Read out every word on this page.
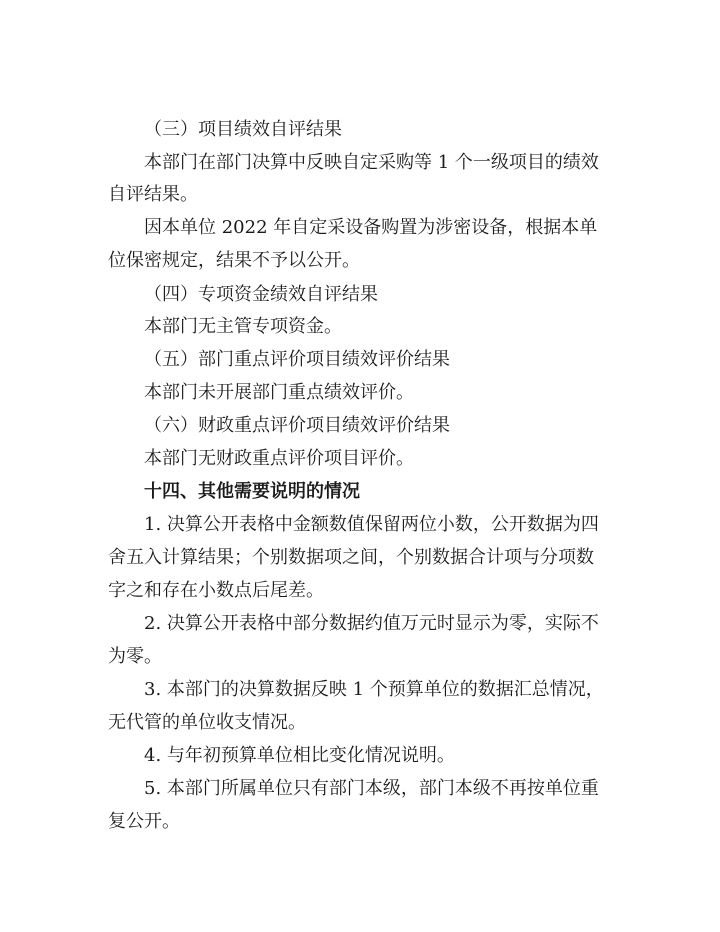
（三）项目绩效自评结果
本部门在部门决算中反映自定采购等 1 个一级项目的绩效
自评结果。
因本单位 2022 年自定采设备购置为涉密设备，根据本单
位保密规定，结果不予以公开。
（四）专项资金绩效自评结果
本部门无主管专项资金。
（五）部门重点评价项目绩效评价结果
本部门未开展部门重点绩效评价。
（六）财政重点评价项目绩效评价结果
本部门无财政重点评价项目评价。
十四、其他需要说明的情况
1. 决算公开表格中金额数值保留两位小数，公开数据为四
舍五入计算结果；个别数据项之间，个别数据合计项与分项数
字之和存在小数点后尾差。
2. 决算公开表格中部分数据约值万元时显示为零，实际不
为零。
3. 本部门的决算数据反映 1 个预算单位的数据汇总情况，
无代管的单位收支情况。
4. 与年初预算单位相比变化情况说明。
5. 本部门所属单位只有部门本级，部门本级不再按单位重
复公开。
